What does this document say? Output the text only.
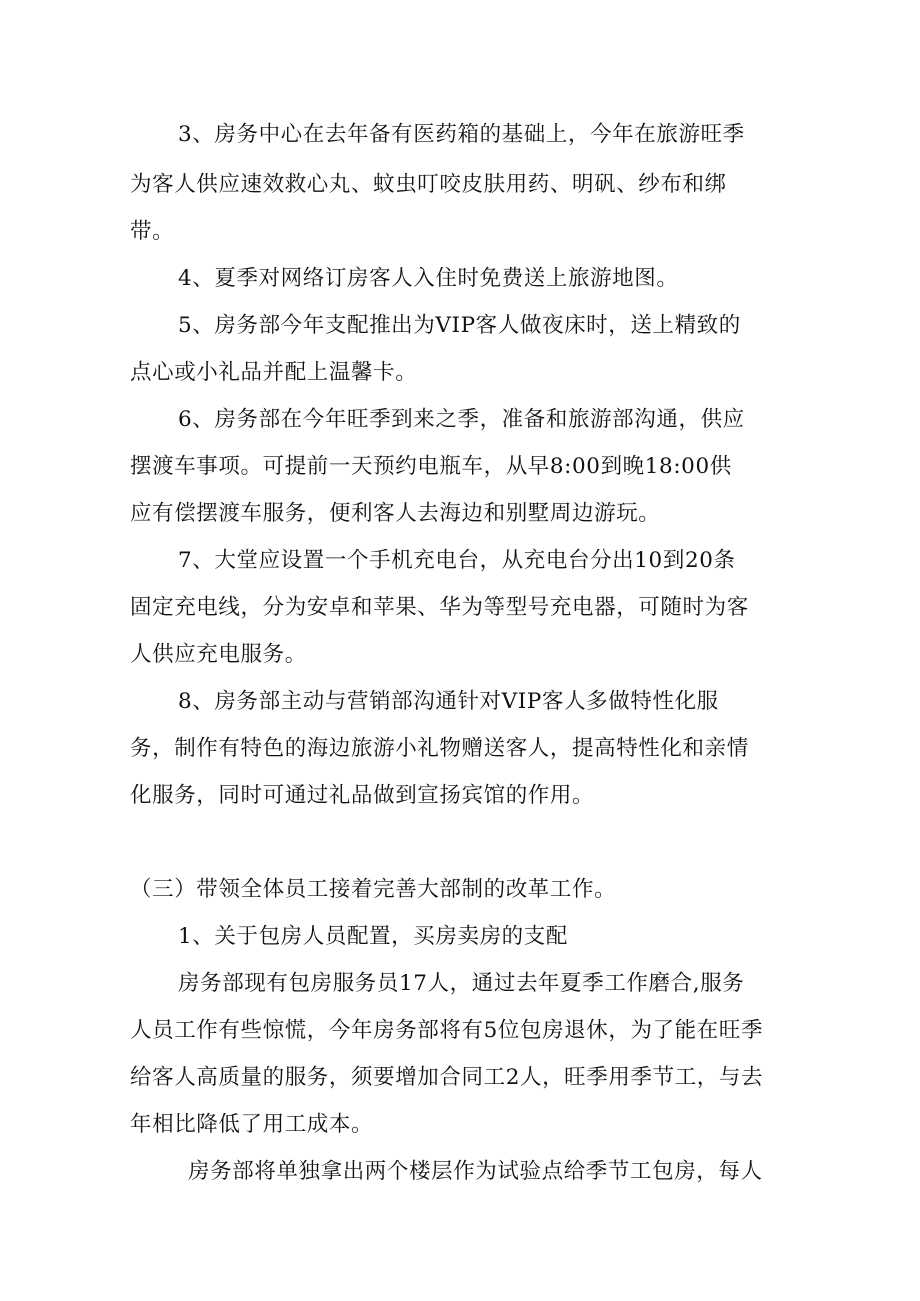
3、房务中心在去年备有医药箱的基础上，今年在旅游旺季
为客人供应速效救心丸、蚊虫叮咬皮肤用药、明矾、纱布和绑
带。
4、夏季对网络订房客人入住时免费送上旅游地图。
5、房务部今年支配推出为VIP客人做夜床时，送上精致的
点心或小礼品并配上温馨卡。
6、房务部在今年旺季到来之季，准备和旅游部沟通，供应
摆渡车事项。可提前一天预约电瓶车，从早8:00到晚18:00供
应有偿摆渡车服务，便利客人去海边和别墅周边游玩。
7、大堂应设置一个手机充电台，从充电台分出10到20条
固定充电线，分为安卓和苹果、华为等型号充电器，可随时为客
人供应充电服务。
8、房务部主动与营销部沟通针对VIP客人多做特性化服
务，制作有特色的海边旅游小礼物赠送客人，提高特性化和亲情
化服务，同时可通过礼品做到宣扬宾馆的作用。
（三）带领全体员工接着完善大部制的改革工作。
1、关于包房人员配置，买房卖房的支配
房务部现有包房服务员17人，通过去年夏季工作磨合,服务
人员工作有些惊慌，今年房务部将有5位包房退休，为了能在旺季
给客人高质量的服务，须要增加合同工2人，旺季用季节工，与去
年相比降低了用工成本。
房务部将单独拿出两个楼层作为试验点给季节工包房，每人
